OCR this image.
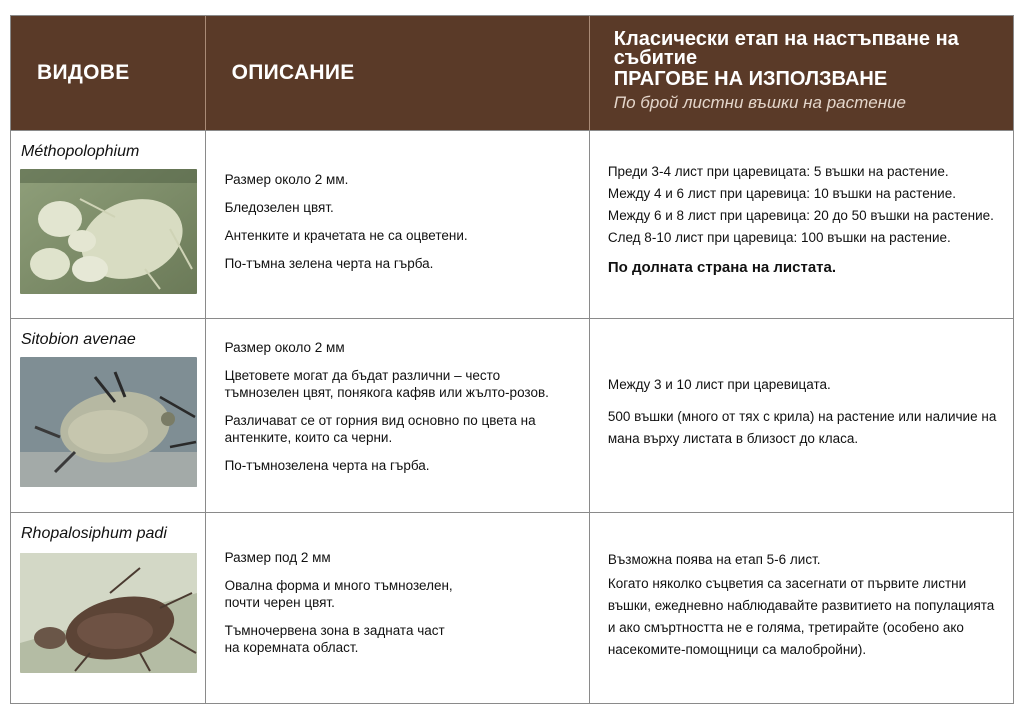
ВИДОВЕ	ОПИСАНИЕ
Класически етап на настъпване на събитие
ПРАГОВЕ НА ИЗПОЛЗВАНЕ
По брой листни въшки на растение
Méthopolophium

Размер около 2 мм.

Бледозелен цвят.

Антенките и крачетата не са оцветени.

По-тъмна зелена черта на гърба.

Преди 3-4 лист при царевицата: 5 въшки на растение.

Между 4 и 6 лист при царевица: 10 въшки на растение.

Между 6 и 8 лист при царевица: 20 до 50 въшки на растение.

След 8-10 лист при царевица: 100 въшки на растение.

По долната страна на листата.

Sitobion avenae	Размер около 2 мм

Цветовете могат да бъдат различни – често тъмнозелен цвят, понякога кафяв или жълто-розов.

Различават се от горния вид основно по цвета на антенките, които са черни.

По-тъмнозелена черта на гърба.

Между 3 и 10 лист при царевицата.

500 въшки (много от тях с крила) на растение или наличие на мана върху листата в близост до класа.

Rhopalosiphum padi

Размер под 2 мм

Овална форма и много тъмнозелен, почти черен цвят.

Тъмночервена зона в задната част на коремната област.

Възможна поява на етап 5-6 лист.

Когато няколко съцветия са засегнати от първите листни въшки, ежедневно наблюдавайте развитието на популацията и ако смъртността не е голяма, третирайте (особено ако насекомите-помощници са малобройни).
